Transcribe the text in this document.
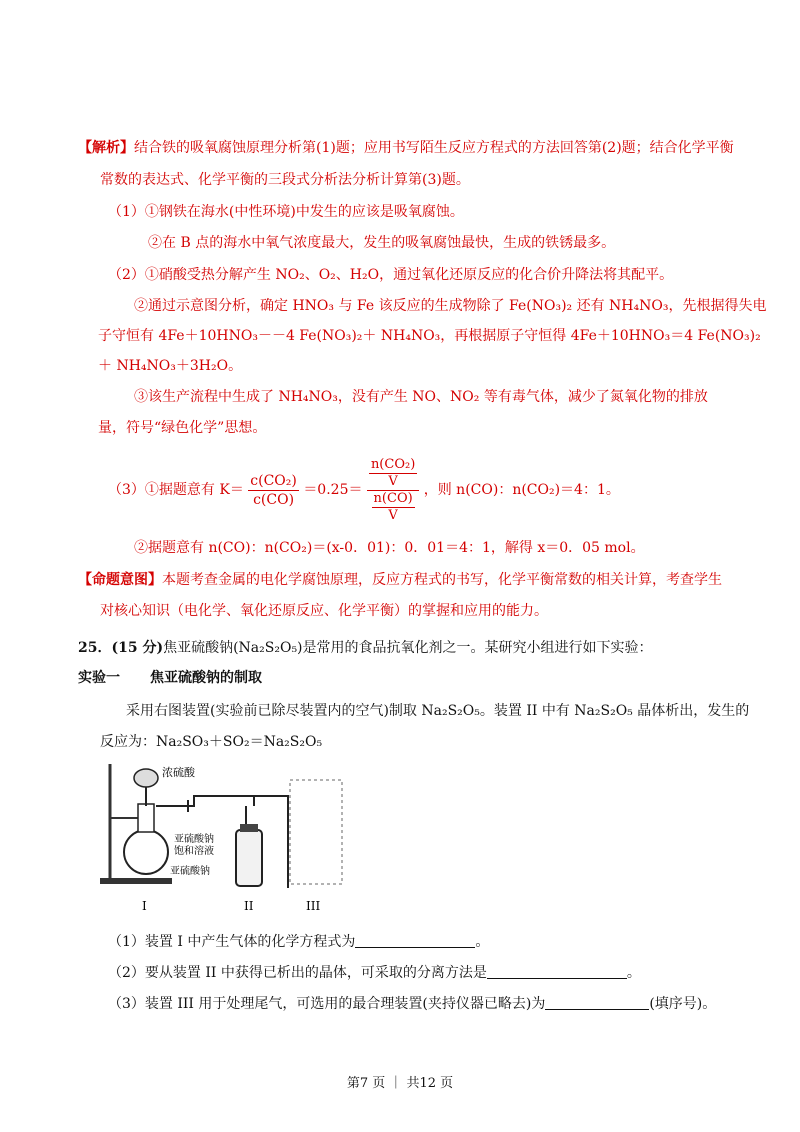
【解析】结合铁的吸氧腐蚀原理分析第(1)题；应用书写陌生反应方程式的方法回答第(2)题；结合化学平衡
常数的表达式、化学平衡的三段式分析法分析计算第(3)题。
（1）①钢铁在海水(中性环境)中发生的应该是吸氧腐蚀。
②在 B 点的海水中氧气浓度最大，发生的吸氧腐蚀最快，生成的铁锈最多。
（2）①硝酸受热分解产生 NO₂、O₂、H₂O，通过氧化还原反应的化合价升降法将其配平。
②通过示意图分析，确定 HNO₃ 与 Fe 该反应的生成物除了 Fe(NO₃)₂ 还有 NH₄NO₃，先根据得失电
子守恒有 4Fe＋10HNO₃－－4 Fe(NO₃)₂＋ NH₄NO₃，再根据原子守恒得 4Fe＋10HNO₃＝4 Fe(NO₃)₂
＋ NH₄NO₃＋3H₂O。
③该生产流程中生成了 NH₄NO₃，没有产生 NO、NO₂ 等有毒气体，减少了氮氧化物的排放
量，符号“绿色化学”思想。
（3）①据题意有 $K= \frac{\text{c(CO₂)}}{c(CO)} =0.25= \frac{\frac{\text{n(CO₂)}}{V}}{\frac{n(CO)}{V}}$ ，则 n(CO)：n(CO₂)＝4：1。
②据题意有 n(CO)：n(CO₂)＝(x-0．01)：0．01＝4：1，解得 x＝0．05 mol。
【命题意图】本题考查金属的电化学腐蚀原理，反应方程式的书写，化学平衡常数的相关计算，考查学生
对核心知识（电化学、氧化还原反应、化学平衡）的掌握和应用的能力。
25．(15 分)焦亚硫酸钠(Na₂S₂O₅)是常用的食品抗氧化剂之一。某研究小组进行如下实验：
实验一 焦亚硫酸钠的制取
采用右图装置(实验前已除尽装置内的空气)制取 Na₂S₂O₅。装置 II 中有 Na₂S₂O₅ 晶体析出，发生的
反应为：Na₂SO₃＋SO₂＝Na₂S₂O₅
浓硫酸
亚硫酸钠
饱和溶液
亚硫酸钠
I	II	III
（1）装置 I 中产生气体的化学方程式为	。
（2）要从装置 II 中获得已析出的晶体，可采取的分离方法是	。
（3）装置 III 用于处理尾气，可选用的最合理装置(夹持仪器已略去)为	(填序号)。
第7 页 ｜ 共12 页
